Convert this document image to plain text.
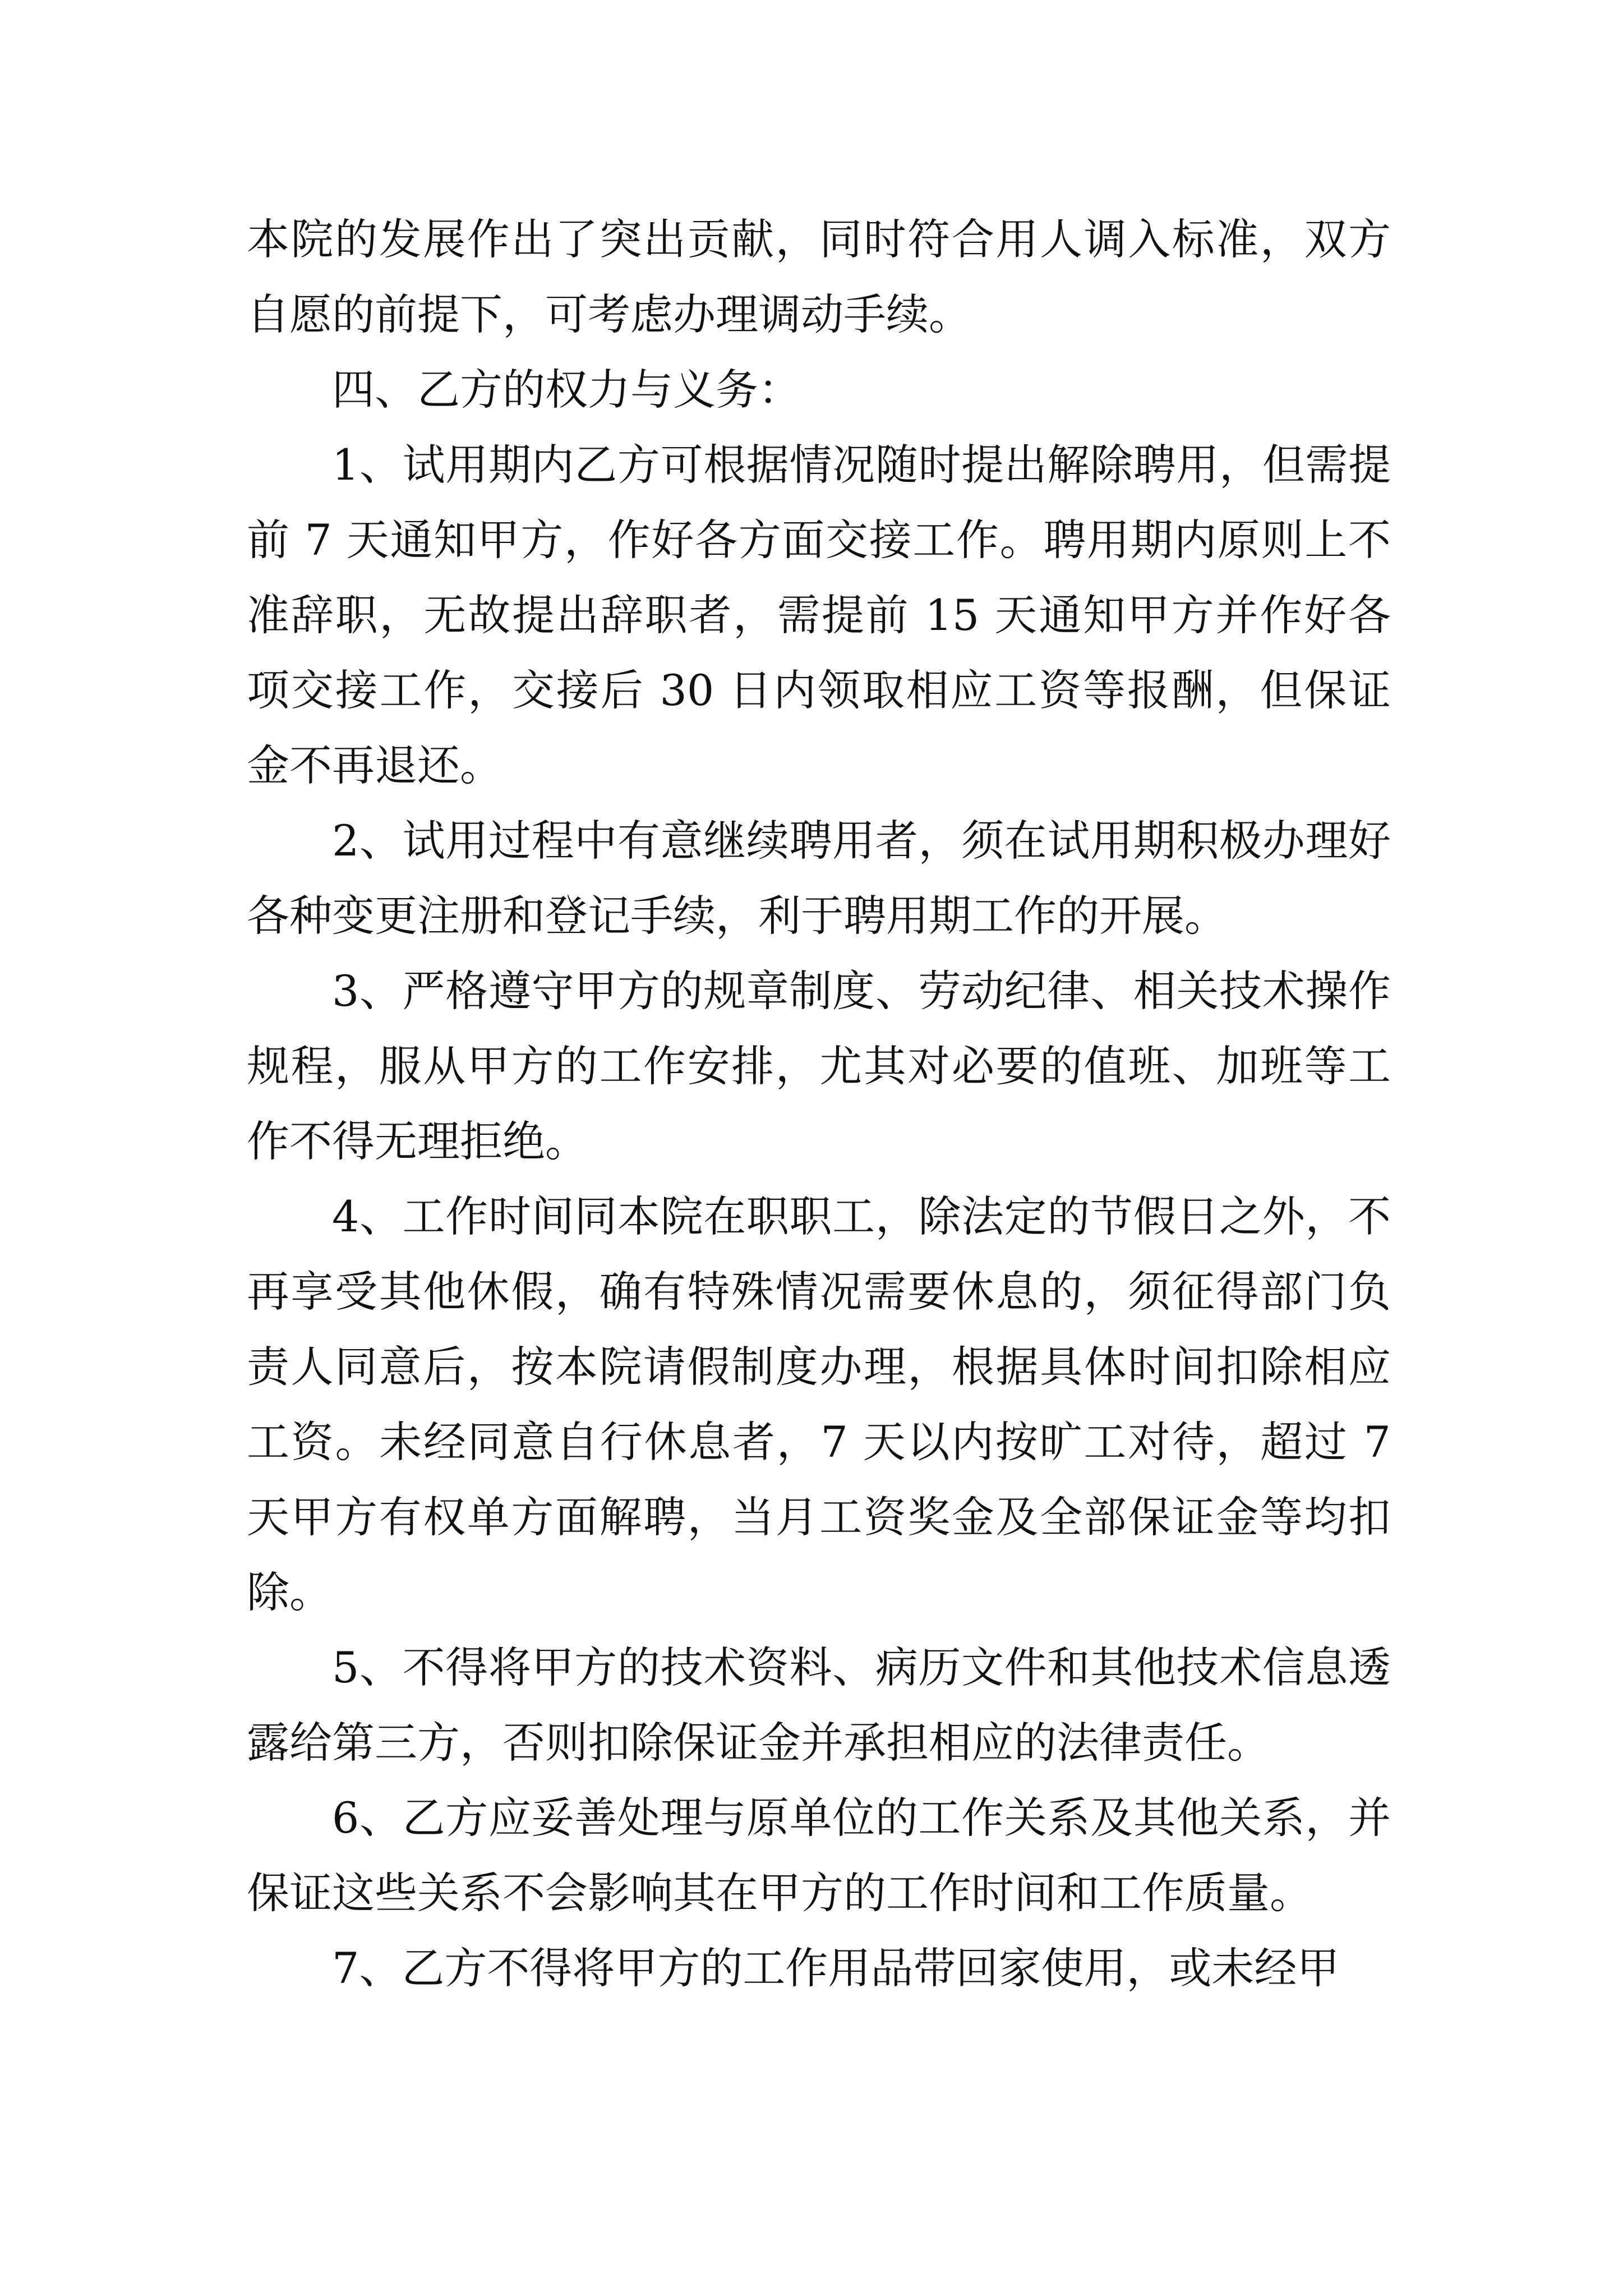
本院的发展作出了突出贡献，同时符合用人调入标准，双方自愿的前提下，可考虑办理调动手续。

四、乙方的权力与义务：

1、试用期内乙方可根据情况随时提出解除聘用，但需提前 7 天通知甲方，作好各方面交接工作。聘用期内原则上不准辞职，无故提出辞职者，需提前 15 天通知甲方并作好各项交接工作，交接后 30 日内领取相应工资等报酬，但保证金不再退还。

2、试用过程中有意继续聘用者，须在试用期积极办理好各种变更注册和登记手续，利于聘用期工作的开展。

3、严格遵守甲方的规章制度、劳动纪律、相关技术操作规程，服从甲方的工作安排，尤其对必要的值班、加班等工作不得无理拒绝。

4、工作时间同本院在职职工，除法定的节假日之外，不再享受其他休假，确有特殊情况需要休息的，须征得部门负责人同意后，按本院请假制度办理，根据具体时间扣除相应工资。未经同意自行休息者，7 天以内按旷工对待，超过 7 天甲方有权单方面解聘，当月工资奖金及全部保证金等均扣除。

5、不得将甲方的技术资料、病历文件和其他技术信息透露给第三方，否则扣除保证金并承担相应的法律责任。

6、乙方应妥善处理与原单位的工作关系及其他关系，并保证这些关系不会影响其在甲方的工作时间和工作质量。

7、乙方不得将甲方的工作用品带回家使用，或未经甲
